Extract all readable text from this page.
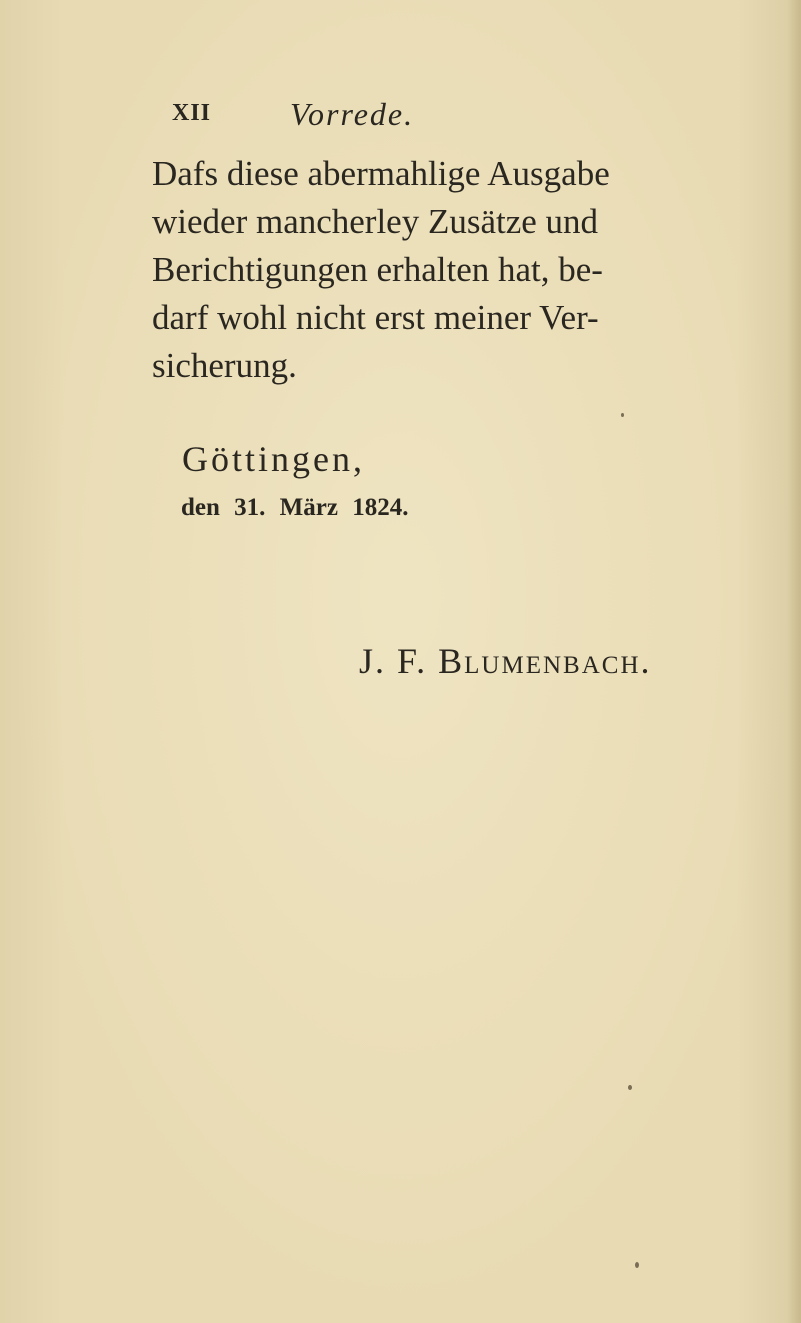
XII Vorrede.
Dafs diese abermahlige Ausgabe
wieder mancherley Zusätze und
Berichtigungen erhalten hat, be-
darf wohl nicht erst meiner Ver-
sicherung.
Göttingen,
den 31. März 1824.
J. F. Blumenbach.
